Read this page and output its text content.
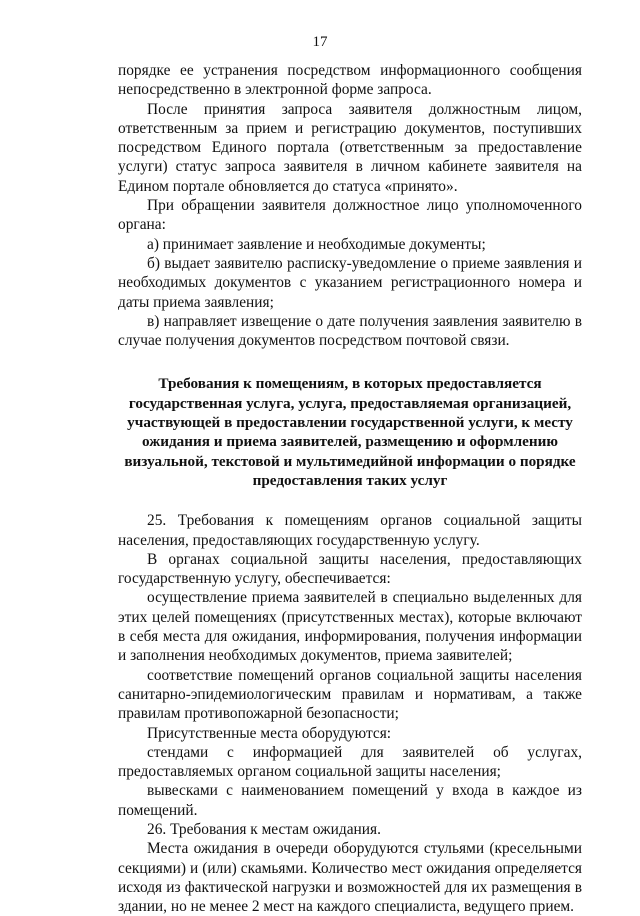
17

порядке ее устранения посредством информационного сообщения непосредственно в электронной форме запроса.

После принятия запроса заявителя должностным лицом, ответственным за прием и регистрацию документов, поступивших посредством Единого портала (ответственным за предоставление услуги) статус запроса заявителя в личном кабинете заявителя на Едином портале обновляется до статуса «принято».

При обращении заявителя должностное лицо уполномоченного органа:

а) принимает заявление и необходимые документы;

б) выдает заявителю расписку-уведомление о приеме заявления и необходимых документов с указанием регистрационного номера и даты приема заявления;

в) направляет извещение о дате получения заявления заявителю в случае получения документов посредством почтовой связи.

Требования к помещениям, в которых предоставляется государственная услуга, услуга, предоставляемая организацией, участвующей в предоставлении государственной услуги, к месту ожидания и приема заявителей, размещению и оформлению визуальной, текстовой и мультимедийной информации о порядке предоставления таких услуг

25. Требования к помещениям органов социальной защиты населения, предоставляющих государственную услугу.

В органах социальной защиты населения, предоставляющих государственную услугу, обеспечивается:

осуществление приема заявителей в специально выделенных для этих целей помещениях (присутственных местах), которые включают в себя места для ожидания, информирования, получения информации и заполнения необходимых документов, приема заявителей;

соответствие помещений органов социальной защиты населения санитарно-эпидемиологическим правилам и нормативам, а также правилам противопожарной безопасности;

Присутственные места оборудуются:

стендами с информацией для заявителей об услугах, предоставляемых органом социальной защиты населения;

вывесками с наименованием помещений у входа в каждое из помещений.

26. Требования к местам ожидания.

Места ожидания в очереди оборудуются стульями (кресельными секциями) и (или) скамьями. Количество мест ожидания определяется исходя из фактической нагрузки и возможностей для их размещения в здании, но не менее 2 мест на каждого специалиста, ведущего прием.
